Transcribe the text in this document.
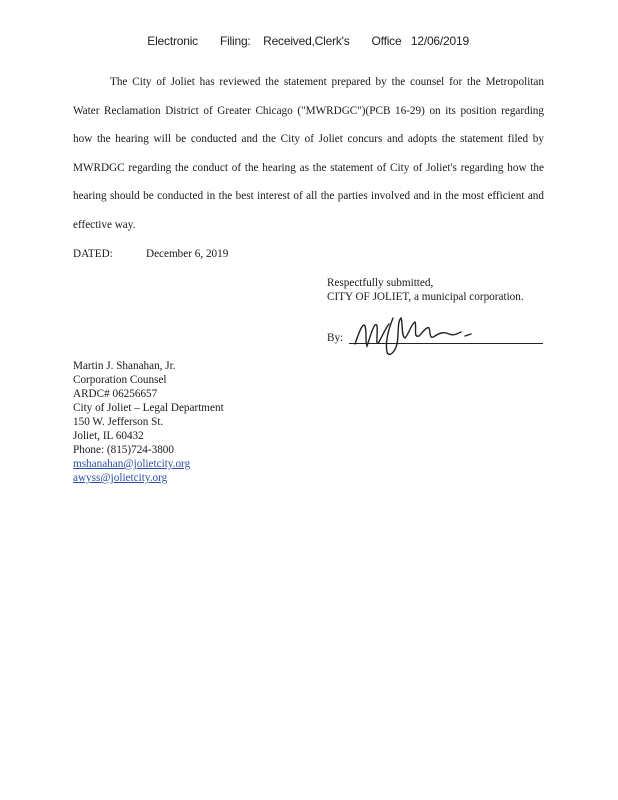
Electronic Filing: Received,Clerk's Office 12/06/2019

The City of Joliet has reviewed the statement prepared by the counsel for the Metropolitan Water Reclamation District of Greater Chicago ("MWRDGC")(PCB 16-29) on its position regarding how the hearing will be conducted and the City of Joliet concurs and adopts the statement filed by MWRDGC regarding the conduct of the hearing as the statement of City of Joliet's regarding how the hearing should be conducted in the best interest of all the parties involved and in the most efficient and effective way.

DATED:	December 6, 2019
Respectfully submitted,
CITY OF JOLIET, a municipal corporation.
By:
Martin J. Shanahan, Jr.
Corporation Counsel
ARDC# 06256657
City of Joliet – Legal Department
150 W. Jefferson St.
Joliet, IL 60432
Phone: (815)724-3800
mshanahan@jolietcity.org
awyss@jolietcity.org
